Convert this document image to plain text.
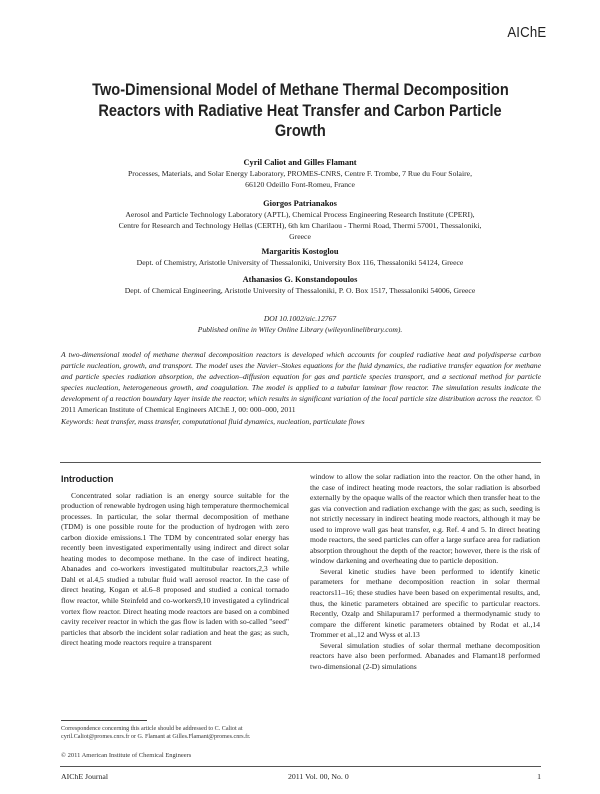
AIChE
Two-Dimensional Model of Methane Thermal Decomposition
Reactors with Radiative Heat Transfer and Carbon Particle
Growth

Cyril Caliot and Gilles Flamant

Processes, Materials, and Solar Energy Laboratory, PROMES-CNRS, Centre F. Trombe, 7 Rue du Four Solaire,

66120 Odeillo Font-Romeu, France

Giorgos Patrianakos

Aerosol and Particle Technology Laboratory (APTL), Chemical Process Engineering Research Institute (CPERI),

Centre for Research and Technology Hellas (CERTH), 6th km Charilaou - Thermi Road, Thermi 57001, Thessaloniki,

Greece

Margaritis Kostoglou

Dept. of Chemistry, Aristotle University of Thessaloniki, University Box 116, Thessaloniki 54124, Greece

Athanasios G. Konstandopoulos

Dept. of Chemical Engineering, Aristotle University of Thessaloniki, P. O. Box 1517, Thessaloniki 54006, Greece

DOI 10.1002/aic.12767
Published online in Wiley Online Library (wileyonlinelibrary.com).
A two-dimensional model of methane thermal decomposition reactors is developed which accounts for coupled radiative heat and polydisperse carbon particle nucleation, growth, and transport. The model uses the Navier–Stokes equations for the fluid dynamics, the radiative transfer equation for methane and particle species radiation absorption, the advection–diffusion equation for gas and particle species transport, and a sectional method for particle species nucleation, heterogeneous growth, and coagulation. The model is applied to a tubular laminar flow reactor. The simulation results indicate the development of a reaction boundary layer inside the reactor, which results in significant variation of the local particle size distribution across the reactor. © 2011 American Institute of Chemical Engineers AIChE J, 00: 000–000, 2011
Keywords: heat transfer, mass transfer, computational fluid dynamics, nucleation, particulate flows

Introduction

Concentrated solar radiation is an energy source suitable for the production of renewable hydrogen using high temperature thermochemical processes. In particular, the solar thermal decomposition of methane (TDM) is one possible route for the production of hydrogen with zero carbon dioxide emissions.1 The TDM by concentrated solar energy has recently been investigated experimentally using indirect and direct solar heating modes to decompose methane. In the case of indirect heating, Abanades and co-workers investigated multitubular reactors,2,3 while Dahl et al.4,5 studied a tubular fluid wall aerosol reactor. In the case of direct heating, Kogan et al.6–8 proposed and studied a conical tornado flow reactor, while Steinfeld and co-workers9,10 investigated a cylindrical vortex flow reactor. Direct heating mode reactors are based on a combined cavity receiver reactor in which the gas flow is laden with so-called "seed" particles that absorb the incident solar radiation and heat the gas; as such, direct heating mode reactors require a transparent

window to allow the solar radiation into the reactor. On the other hand, in the case of indirect heating mode reactors, the solar radiation is absorbed externally by the opaque walls of the reactor which then transfer heat to the gas via convection and radiation exchange with the gas; as such, seeding is not strictly necessary in indirect heating mode reactors, although it may be used to improve wall gas heat transfer, e.g. Ref. 4 and 5. In direct heating mode reactors, the seed particles can offer a large surface area for radiation absorption throughout the depth of the reactor; however, there is the risk of window darkening and overheating due to particle deposition.

Several kinetic studies have been performed to identify kinetic parameters for methane decomposition reaction in solar thermal reactors11–16; these studies have been based on experimental results, and, thus, the kinetic parameters obtained are specific to particular reactors. Recently, Ozalp and Shilapuram17 performed a thermodynamic study to compare the different kinetic parameters obtained by Rodat et al.,14 Trommer et al.,12 and Wyss et al.13

Several simulation studies of solar thermal methane decomposition reactors have also been performed. Abanades and Flamant18 performed two-dimensional (2-D) simulations

Correspondence concerning this article should be addressed to C. Caliot at cyril.Caliot@promes.cnrs.fr or G. Flamant at Gilles.Flamant@promes.cnrs.fr.
© 2011 American Institute of Chemical Engineers
AIChE Journal	2011 Vol. 00, No. 0	1
